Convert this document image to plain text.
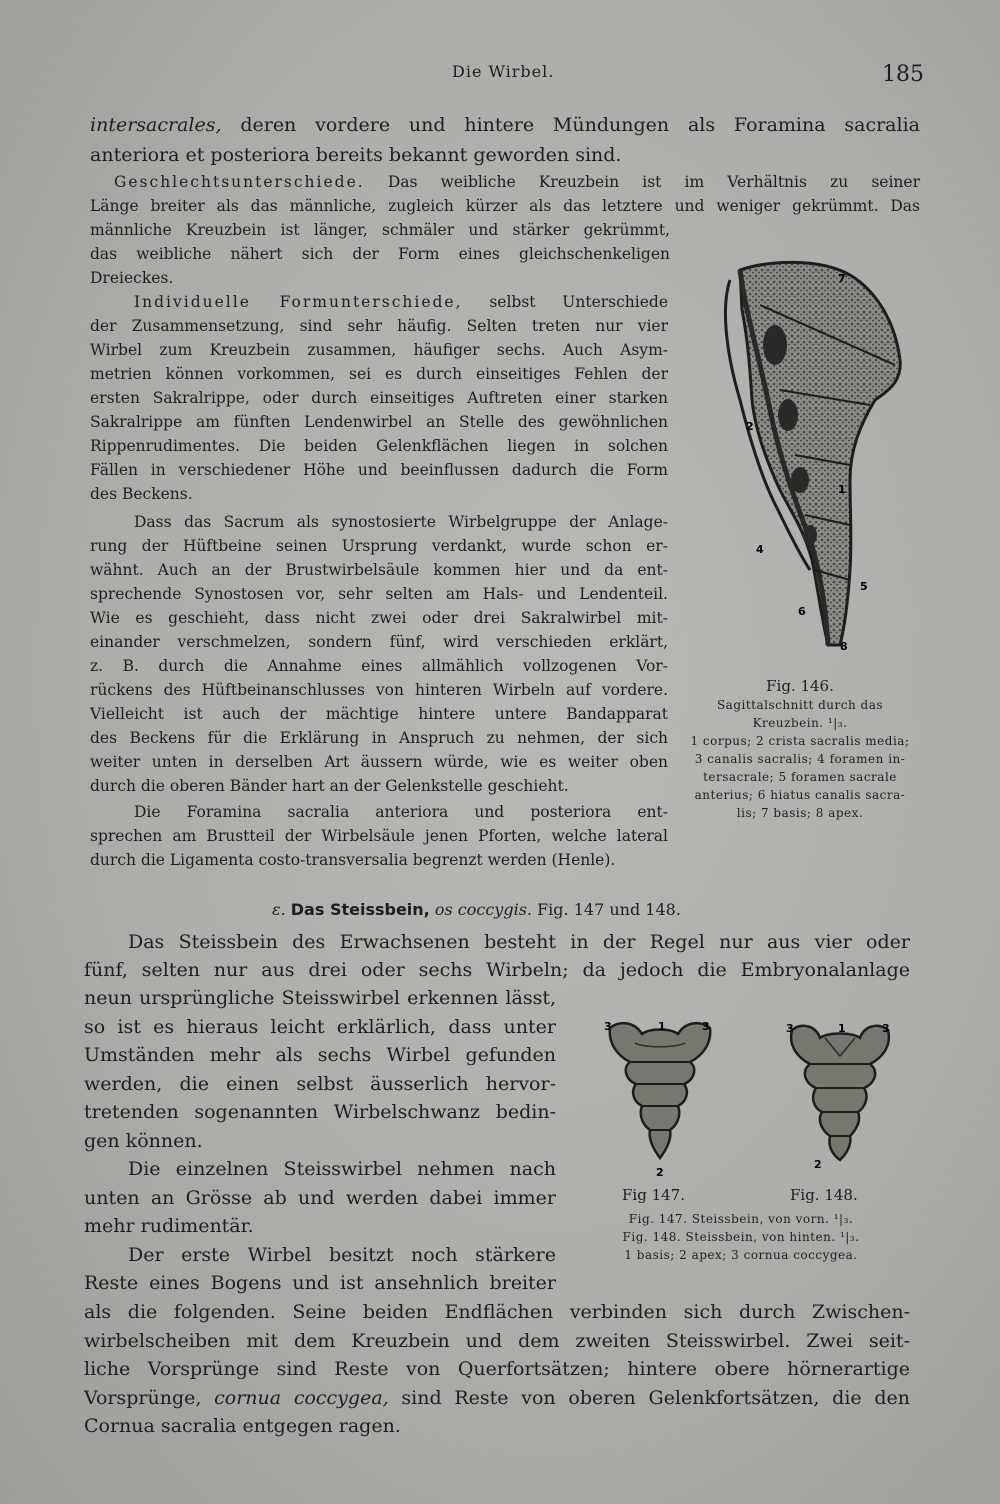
Die Wirbel.	185
intersacrales, deren vordere und hintere Mündungen als Foramina sacralia
anteriora et posteriora bereits bekannt geworden sind.
Geschlechtsunterschiede. Das weibliche Kreuzbein ist im Verhältnis zu seiner
Länge breiter als das männliche, zugleich kürzer als das letztere und weniger gekrümmt. Das
männliche Kreuzbein ist länger, schmäler und stärker gekrümmt,
das weibliche nähert sich der Form eines gleichschenkeligen
Dreieckes.
Individuelle Formunterschiede, selbst Unterschiede
der Zusammensetzung, sind sehr häufig. Selten treten nur vier
Wirbel zum Kreuzbein zusammen, häufiger sechs. Auch Asym-
metrien können vorkommen, sei es durch einseitiges Fehlen der
ersten Sakralrippe, oder durch einseitiges Auftreten einer starken
Sakralrippe am fünften Lendenwirbel an Stelle des gewöhnlichen
Rippenrudimentes. Die beiden Gelenkflächen liegen in solchen
Fällen in verschiedener Höhe und beeinflussen dadurch die Form
des Beckens.
Dass das Sacrum als synostosierte Wirbelgruppe der Anlage-
rung der Hüftbeine seinen Ursprung verdankt, wurde schon er-
wähnt. Auch an der Brustwirbelsäule kommen hier und da ent-
sprechende Synostosen vor, sehr selten am Hals- und Lendenteil.
Wie es geschieht, dass nicht zwei oder drei Sakralwirbel mit-
einander verschmelzen, sondern fünf, wird verschieden erklärt,
z. B. durch die Annahme eines allmählich vollzogenen Vor-
rückens des Hüftbeinanschlusses von hinteren Wirbeln auf vordere.
Vielleicht ist auch der mächtige hintere untere Bandapparat
des Beckens für die Erklärung in Anspruch zu nehmen, der sich
weiter unten in derselben Art äussern würde, wie es weiter oben
durch die oberen Bänder hart an der Gelenkstelle geschieht.
Die Foramina sacralia anteriora und posteriora ent-
sprechen am Brustteil der Wirbelsäule jenen Pforten, welche lateral
durch die Ligamenta costo-transversalia begrenzt werden (Henle).
7
2
1
4
5
6
8
Fig. 146.
Sagittalschnitt durch das
Kreuzbein. ¹|₃.
1 corpus; 2 crista sacralis media;
3 canalis sacralis; 4 foramen in-
tersacrale; 5 foramen sacrale
anterius; 6 hiatus canalis sacra-
lis; 7 basis; 8 apex.
ε. Das Steissbein, os coccygis. Fig. 147 und 148.
Das Steissbein des Erwachsenen besteht in der Regel nur aus vier oder
fünf, selten nur aus drei oder sechs Wirbeln; da jedoch die Embryonalanlage
neun ursprüngliche Steisswirbel erkennen lässt,
so ist es hieraus leicht erklärlich, dass unter
Umständen mehr als sechs Wirbel gefunden
werden, die einen selbst äusserlich hervor-
tretenden sogenannten Wirbelschwanz bedin-
gen können.
Die einzelnen Steisswirbel nehmen nach
unten an Grösse ab und werden dabei immer
mehr rudimentär.
Der erste Wirbel besitzt noch stärkere
Reste eines Bogens und ist ansehnlich breiter
als die folgenden. Seine beiden Endflächen verbinden sich durch Zwischen-
wirbelscheiben mit dem Kreuzbein und dem zweiten Steisswirbel. Zwei seit-
liche Vorsprünge sind Reste von Querfortsätzen; hintere obere hörnerartige
Vorsprünge, cornua coccygea, sind Reste von oberen Gelenkfortsätzen, die den
Cornua sacralia entgegen ragen.
3	1	3
2
3	1	3
2
Fig 147.	Fig. 148.
Fig. 147. Steissbein, von vorn. ¹|₃.
Fig. 148. Steissbein, von hinten. ¹|₃.
1 basis; 2 apex; 3 cornua coccygea.
